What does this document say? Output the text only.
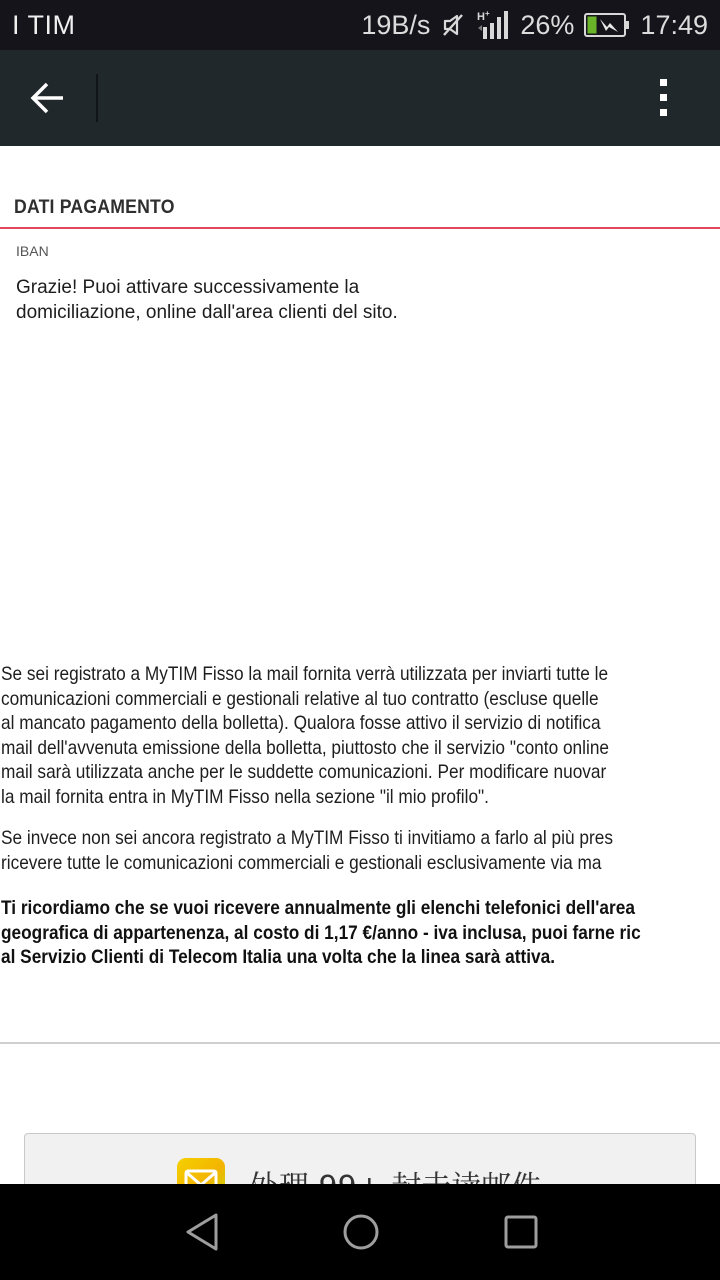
I TIM	19B/s	H + 26% 17:49
DATI PAGAMENTO
IBAN
Grazie! Puoi attivare successivamente la domiciliazione, online dall'area clienti del sito.
Se sei registrato a MyTIM Fisso la mail fornita verrà utilizzata per inviarti tutte le
comunicazioni commerciali e gestionali relative al tuo contratto (escluse quelle
al mancato pagamento della bolletta). Qualora fosse attivo il servizio di notifica
mail dell'avvenuta emissione della bolletta, piuttosto che il servizio "conto online
mail sarà utilizzata anche per le suddette comunicazioni. Per modificare nuovar
la mail fornita entra in MyTIM Fisso nella sezione "il mio profilo".
Se invece non sei ancora registrato a MyTIM Fisso ti invitiamo a farlo al più pres
ricevere tutte le comunicazioni commerciali e gestionali esclusivamente via ma
Ti ricordiamo che se vuoi ricevere annualmente gli elenchi telefonici dell'area
geografica di appartenenza, al costo di 1,17 €/anno - iva inclusa, puoi farne ric
al Servizio Clienti di Telecom Italia una volta che la linea sarà attiva.
